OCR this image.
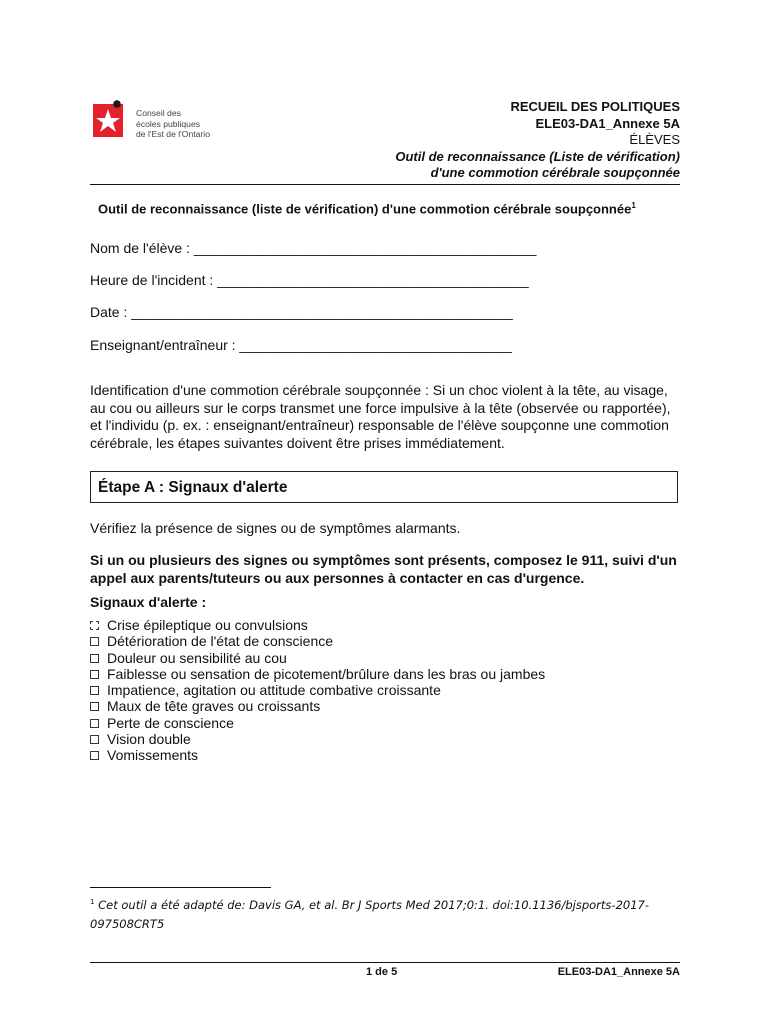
Conseil des
écoles publiques
de l'Est de l'Ontario
RECUEIL DES POLITIQUES
ELE03-DA1_Annexe 5A
ÉLÈVES
Outil de reconnaissance (Liste de vérification)
d'une commotion cérébrale soupçonnée
Outil de reconnaissance (liste de vérification) d'une commotion cérébrale soupçonnée$^1$
Nom de l'élève : ____________________________________________
Heure de l'incident : ________________________________________
Date : _________________________________________________
Enseignant/entraîneur : ___________________________________
Identification d'une commotion cérébrale soupçonnée : Si un choc violent à la tête, au visage, au cou ou ailleurs sur le corps transmet une force impulsive à la tête (observée ou rapportée), et l'individu (p. ex. : enseignant/entraîneur) responsable de l'élève soupçonne une commotion cérébrale, les étapes suivantes doivent être prises immédiatement.
Étape A : Signaux d'alerte
Vérifiez la présence de signes ou de symptômes alarmants.
Si un ou plusieurs des signes ou symptômes sont présents, composez le 911, suivi d'un appel aux parents/tuteurs ou aux personnes à contacter en cas d'urgence.
Signaux d'alerte :
Crise épileptique ou convulsions
Détérioration de l'état de conscience
Douleur ou sensibilité au cou
Faiblesse ou sensation de picotement/brûlure dans les bras ou jambes
Impatience, agitation ou attitude combative croissante
Maux de tête graves ou croissants
Perte de conscience
Vision double
Vomissements
$^1$ Cet outil a été adapté de: Davis GA, et al. Br J Sports Med 2017;0:1. doi:10.1136/bjsports-2017-
097508CRT5
1 de 5	ELE03-DA1_Annexe 5A
